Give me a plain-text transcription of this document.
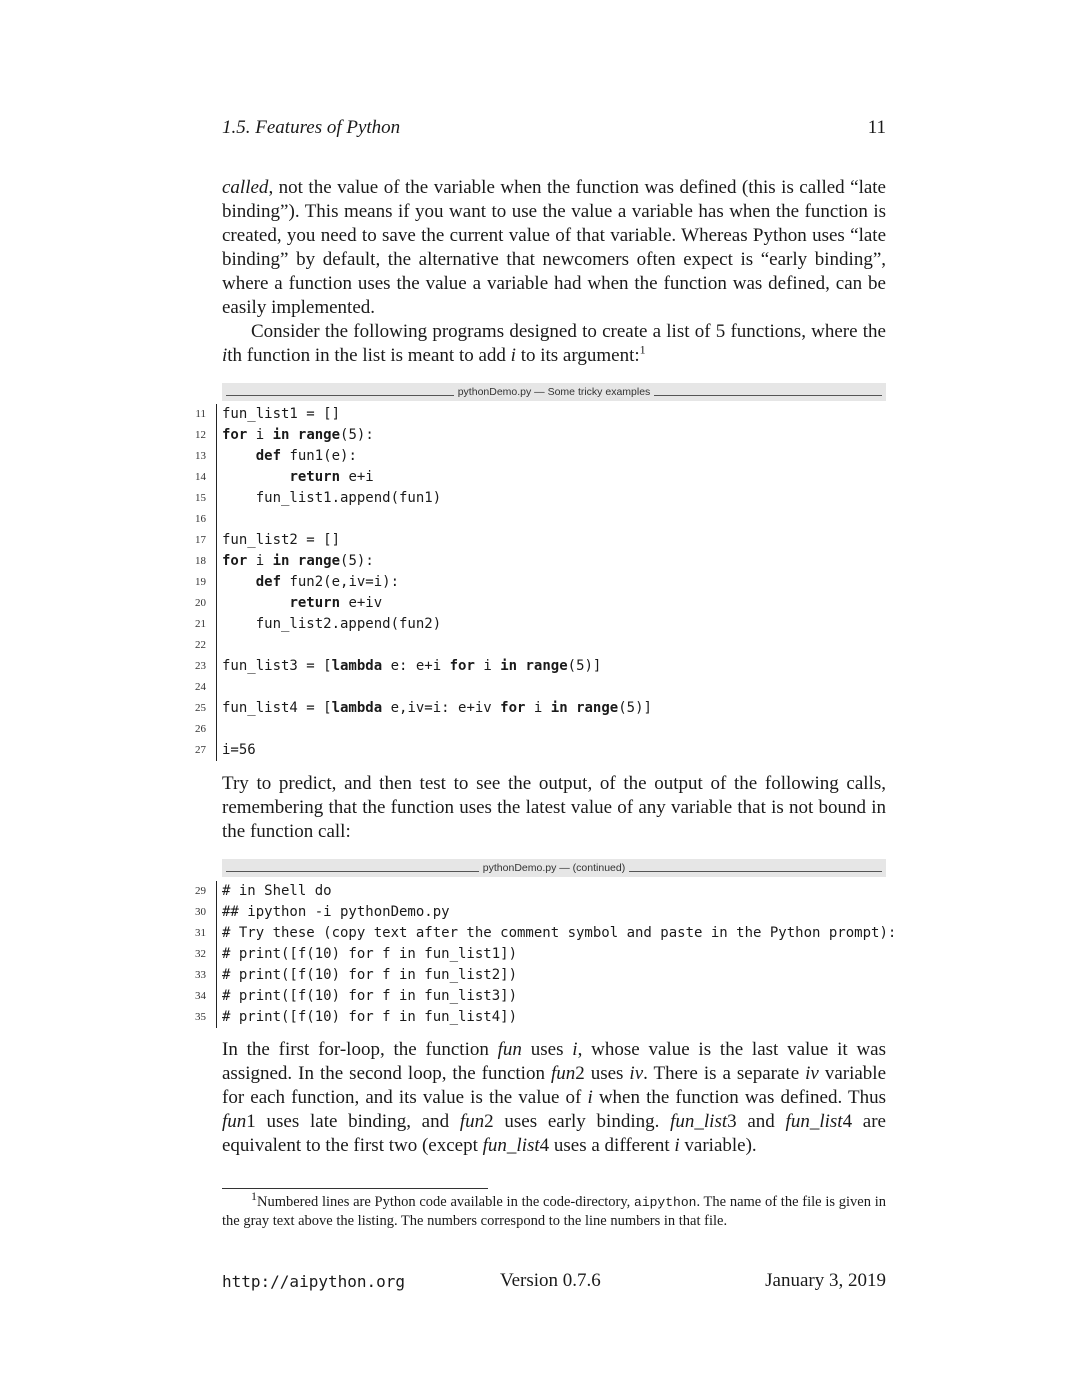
1.5. Features of Python	11

called, not the value of the variable when the function was defined (this is called “late binding”). This means if you want to use the value a variable has when the function is created, you need to save the current value of that variable. Whereas Python uses “late binding” by default, the alternative that newcomers often expect is “early binding”, where a function uses the value a variable had when the function was defined, can be easily implemented.

Consider the following programs designed to create a list of 5 functions, where the ith function in the list is meant to add i to its argument:$^1$

pythonDemo.py — Some tricky examples
11	fun_list1 = []
12	for i in range(5):
13	def fun1(e):
14	return e+i
15	fun_list1.append(fun1)
16

17	fun_list2 = []
18	for i in range(5):
19	def fun2(e,iv=i):
20	return e+iv
21	fun_list2.append(fun2)
22

23	fun_list3 = [lambda e: e+i for i in range(5)]
24

25	fun_list4 = [lambda e,iv=i: e+iv for i in range(5)]
26

27	i=56
Try to predict, and then test to see the output, of the output of the following calls, remembering that the function uses the latest value of any variable that is not bound in the function call:
pythonDemo.py — (continued)
29	# in Shell do
30	## ipython -i pythonDemo.py
31	# Try these (copy text after the comment symbol and paste in the Python prompt):
32	# print([f(10) for f in fun_list1])
33	# print([f(10) for f in fun_list2])
34	# print([f(10) for f in fun_list3])
35	# print([f(10) for f in fun_list4])

In the first for-loop, the function fun uses i, whose value is the last value it was assigned. In the second loop, the function fun2 uses iv. There is a separate iv variable for each function, and its value is the value of i when the function was defined. Thus fun1 uses late binding, and fun2 uses early binding. fun_list3 and fun_list4 are equivalent to the first two (except fun_list4 uses a different i variable).

$^1$Numbered lines are Python code available in the code-directory, aipython. The name of the file is given in the gray text above the listing. The numbers correspond to the line numbers in that file.
http://aipython.org	Version 0.7.6	January 3, 2019
